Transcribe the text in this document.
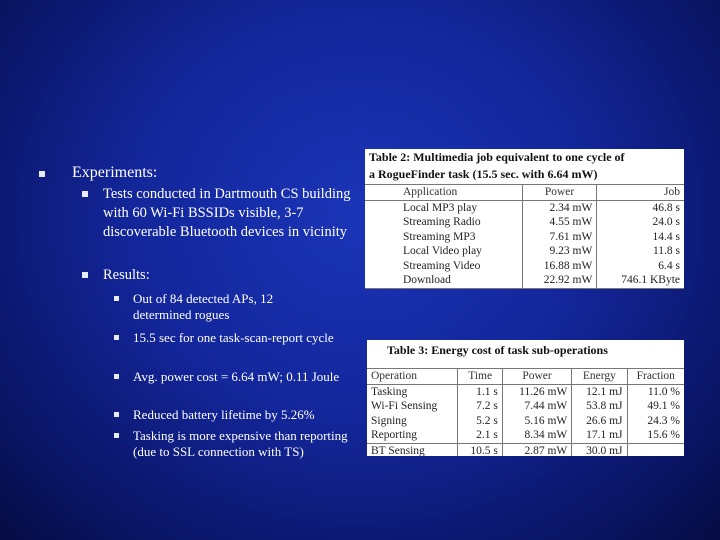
Experiments:
Tests conducted in Dartmouth CS building with 60 Wi-Fi BSSIDs visible, 3-7 discoverable Bluetooth devices in vicinity
Results:
Out of 84 detected APs, 12 determined rogues
15.5 sec for one task-scan-report cycle
Avg. power cost = 6.64 mW; 0.11 Joule
Reduced battery lifetime by 5.26%
Tasking is more expensive than reporting (due to SSL connection with TS)
Table 2: Multimedia job equivalent to one cycle of
a RogueFinder task (15.5 sec. with 6.64 mW)
Application	Power	Job
Local MP3 play	2.34 mW	46.8 s
Streaming Radio	4.55 mW	24.0 s
Streaming MP3	7.61 mW	14.4 s
Local Video play	9.23 mW	11.8 s
Streaming Video	16.88 mW	6.4 s
Download	22.92 mW	746.1 KByte
Table 3: Energy cost of task sub-operations
Operation	Time	Power	Energy	Fraction
Tasking	1.1 s	11.26 mW	12.1 mJ	11.0 %
Wi-Fi Sensing	7.2 s	7.44 mW	53.8 mJ	49.1 %
Signing	5.2 s	5.16 mW	26.6 mJ	24.3 %
Reporting	2.1 s	8.34 mW	17.1 mJ	15.6 %
BT Sensing	10.5 s	2.87 mW	30.0 mJ	
